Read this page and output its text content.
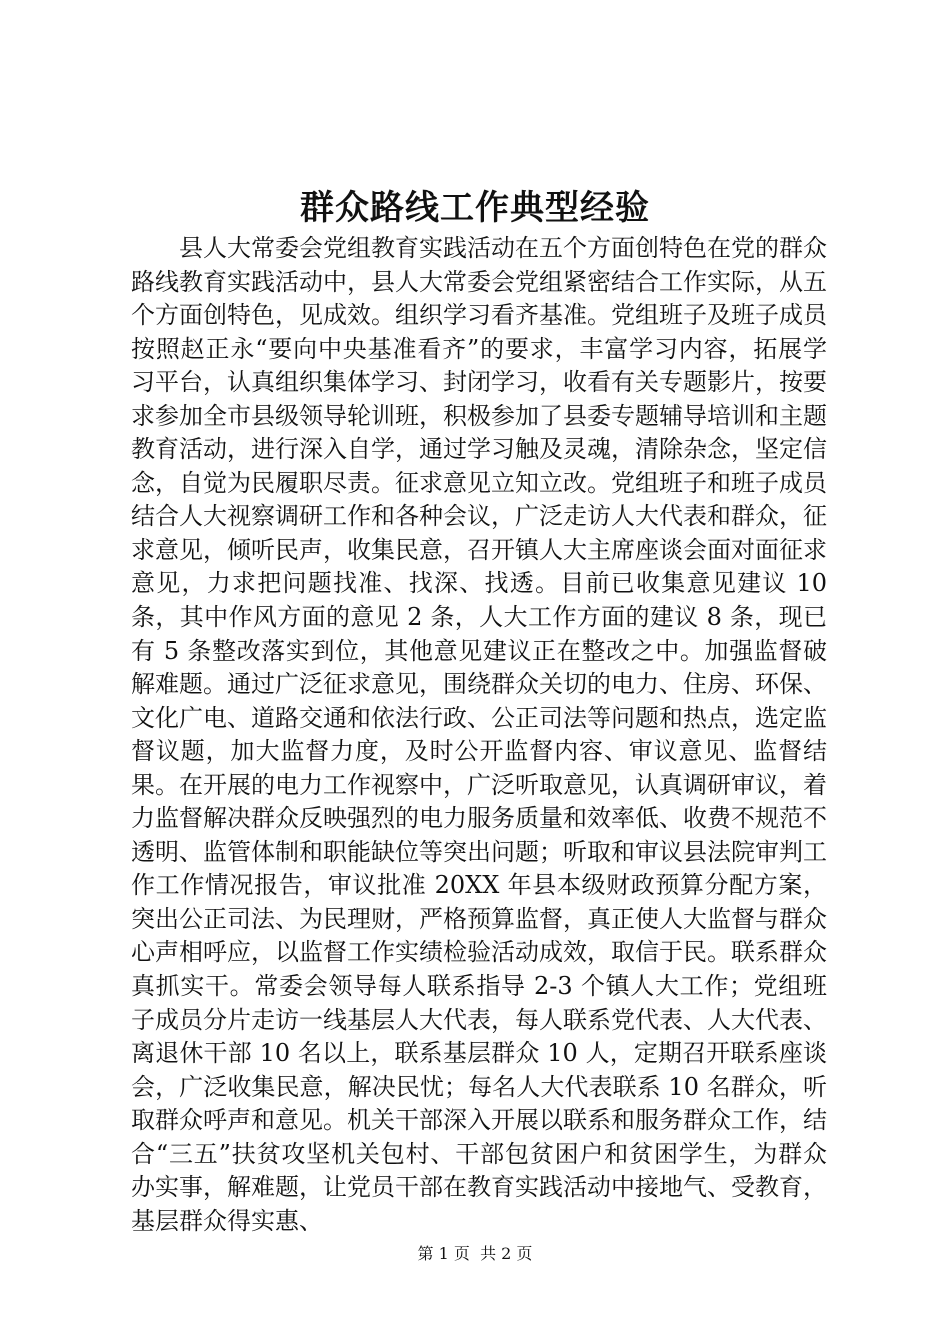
群众路线工作典型经验

县人大常委会党组教育实践活动在五个方面创特色在党的群众路线教育实践活动中，县人大常委会党组紧密结合工作实际，从五个方面创特色，见成效。组织学习看齐基准。党组班子及班子成员按照赵正永“要向中央基准看齐”的要求，丰富学习内容，拓展学习平台，认真组织集体学习、封闭学习，收看有关专题影片，按要求参加全市县级领导轮训班，积极参加了县委专题辅导培训和主题教育活动，进行深入自学，通过学习触及灵魂，清除杂念，坚定信念，自觉为民履职尽责。征求意见立知立改。党组班子和班子成员结合人大视察调研工作和各种会议，广泛走访人大代表和群众，征求意见，倾听民声，收集民意，召开镇人大主席座谈会面对面征求意见，力求把问题找准、找深、找透。目前已收集意见建议 10 条，其中作风方面的意见 2 条，人大工作方面的建议 8 条，现已有 5 条整改落实到位，其他意见建议正在整改之中。加强监督破解难题。通过广泛征求意见，围绕群众关切的电力、住房、环保、文化广电、道路交通和依法行政、公正司法等问题和热点，选定监督议题，加大监督力度，及时公开监督内容、审议意见、监督结果。在开展的电力工作视察中，广泛听取意见，认真调研审议，着力监督解决群众反映强烈的电力服务质量和效率低、收费不规范不透明、监管体制和职能缺位等突出问题；听取和审议县法院审判工作工作情况报告，审议批准 20XX 年县本级财政预算分配方案，突出公正司法、为民理财，严格预算监督，真正使人大监督与群众心声相呼应，以监督工作实绩检验活动成效，取信于民。联系群众真抓实干。常委会领导每人联系指导 2-3 个镇人大工作；党组班子成员分片走访一线基层人大代表，每人联系党代表、人大代表、离退休干部 10 名以上，联系基层群众 10 人，定期召开联系座谈会，广泛收集民意，解决民忧；每名人大代表联系 10 名群众，听取群众呼声和意见。机关干部深入开展以联系和服务群众工作，结合“三五”扶贫攻坚机关包村、干部包贫困户和贫困学生，为群众办实事，解难题，让党员干部在教育实践活动中接地气、受教育，基层群众得实惠、

第 1 页 共 2 页
